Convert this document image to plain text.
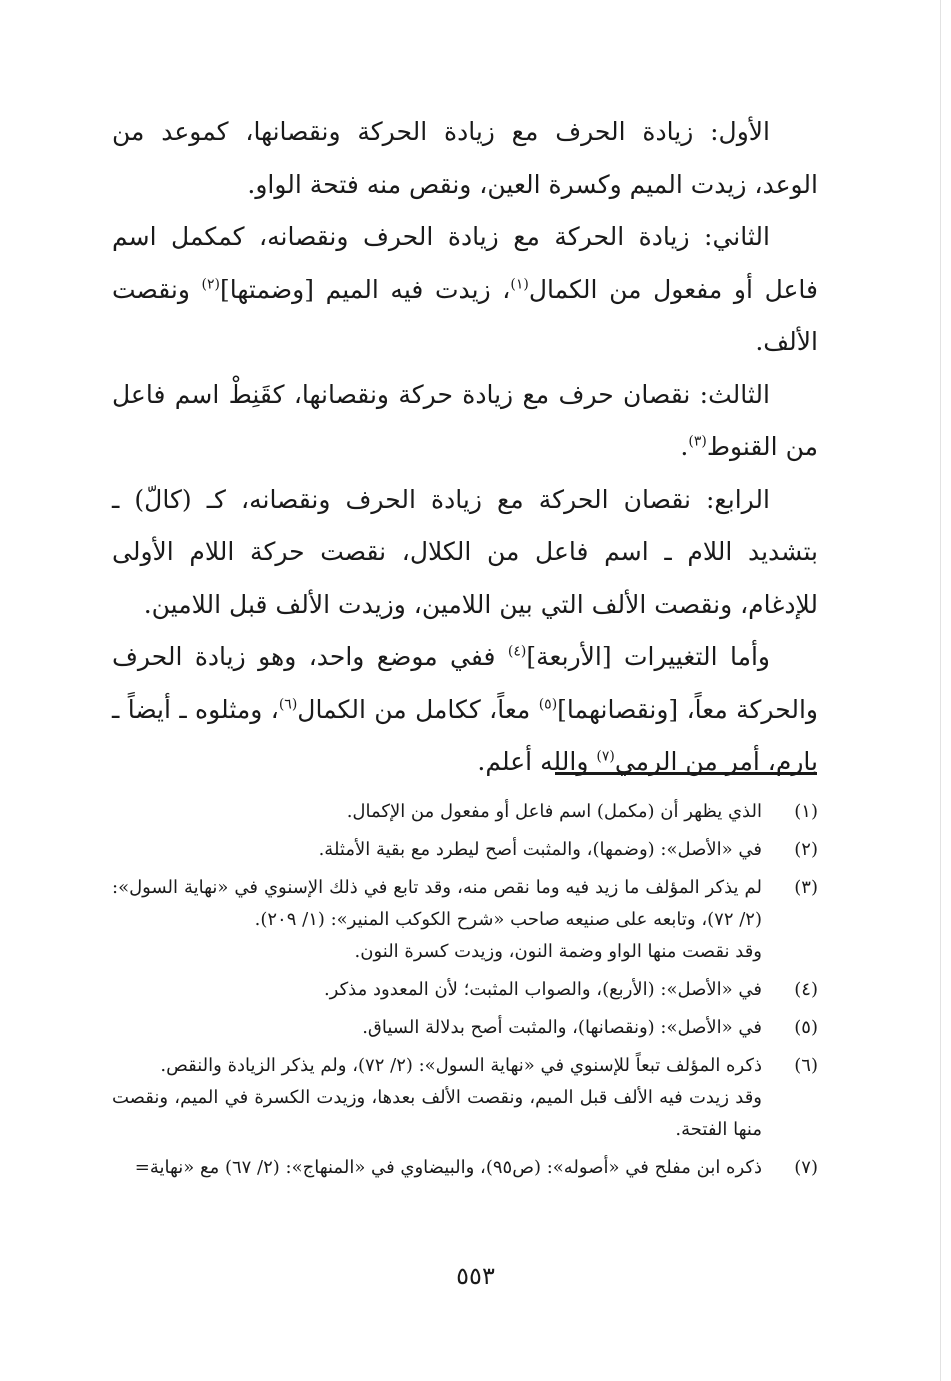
الأول: زيادة الحرف مع زيادة الحركة ونقصانها، كموعد من الوعد، زيدت الميم وكسرة العين، ونقص منه فتحة الواو.

الثاني: زيادة الحركة مع زيادة الحرف ونقصانه، كمكمل اسم فاعل أو مفعول من الكمال$^{(١)}$، زيدت فيه الميم [وضمتها]$^{(٢)}$ ونقصت الألف.

الثالث: نقصان حرف مع زيادة حركة ونقصانها، كقَنِطْ اسم فاعل من القنوط$^{(٣)}$.

الرابع: نقصان الحركة مع زيادة الحرف ونقصانه، كـ (كالّ) ـ بتشديد اللام ـ اسم فاعل من الكلال، نقصت حركة اللام الأولى للإدغام، ونقصت الألف التي بين اللامين، وزيدت الألف قبل اللامين.

وأما التغييرات [الأربعة]$^{(٤)}$ ففي موضع واحد، وهو زيادة الحرف والحركة معاً، [ونقصانهما]$^{(٥)}$ معاً، ككامل من الكمال$^{(٦)}$، ومثلوه ـ أيضاً ـ بارم، أمر من الرمي$^{(٧)}$ والله أعلم.

(١)
الذي يظهر أن (مكمل) اسم فاعل أو مفعول من الإكمال.
(٢)
في «الأصل»: (وضمها)، والمثبت أصح ليطرد مع بقية الأمثلة.
(٣)
لم يذكر المؤلف ما زيد فيه وما نقص منه، وقد تابع في ذلك الإسنوي في «نهاية السول»: (٢/ ٧٢)، وتابعه على صنيعه صاحب «شرح الكوكب المنير»: (١/ ٢٠٩).
وقد نقصت منها الواو وضمة النون، وزيدت كسرة النون.
(٤)
في «الأصل»: (الأربع)، والصواب المثبت؛ لأن المعدود مذكر.
(٥)
في «الأصل»: (ونقصانها)، والمثبت أصح بدلالة السياق.
(٦)
ذكره المؤلف تبعاً للإسنوي في «نهاية السول»: (٢/ ٧٢)، ولم يذكر الزيادة والنقص.
وقد زيدت فيه الألف قبل الميم، ونقصت الألف بعدها، وزيدت الكسرة في الميم، ونقصت منها الفتحة.
(٧)
ذكره ابن مفلح في «أصوله»: (ص٩٥)، والبيضاوي في «المنهاج»: (٢/ ٦٧) مع «نهاية=
٥٥٣
